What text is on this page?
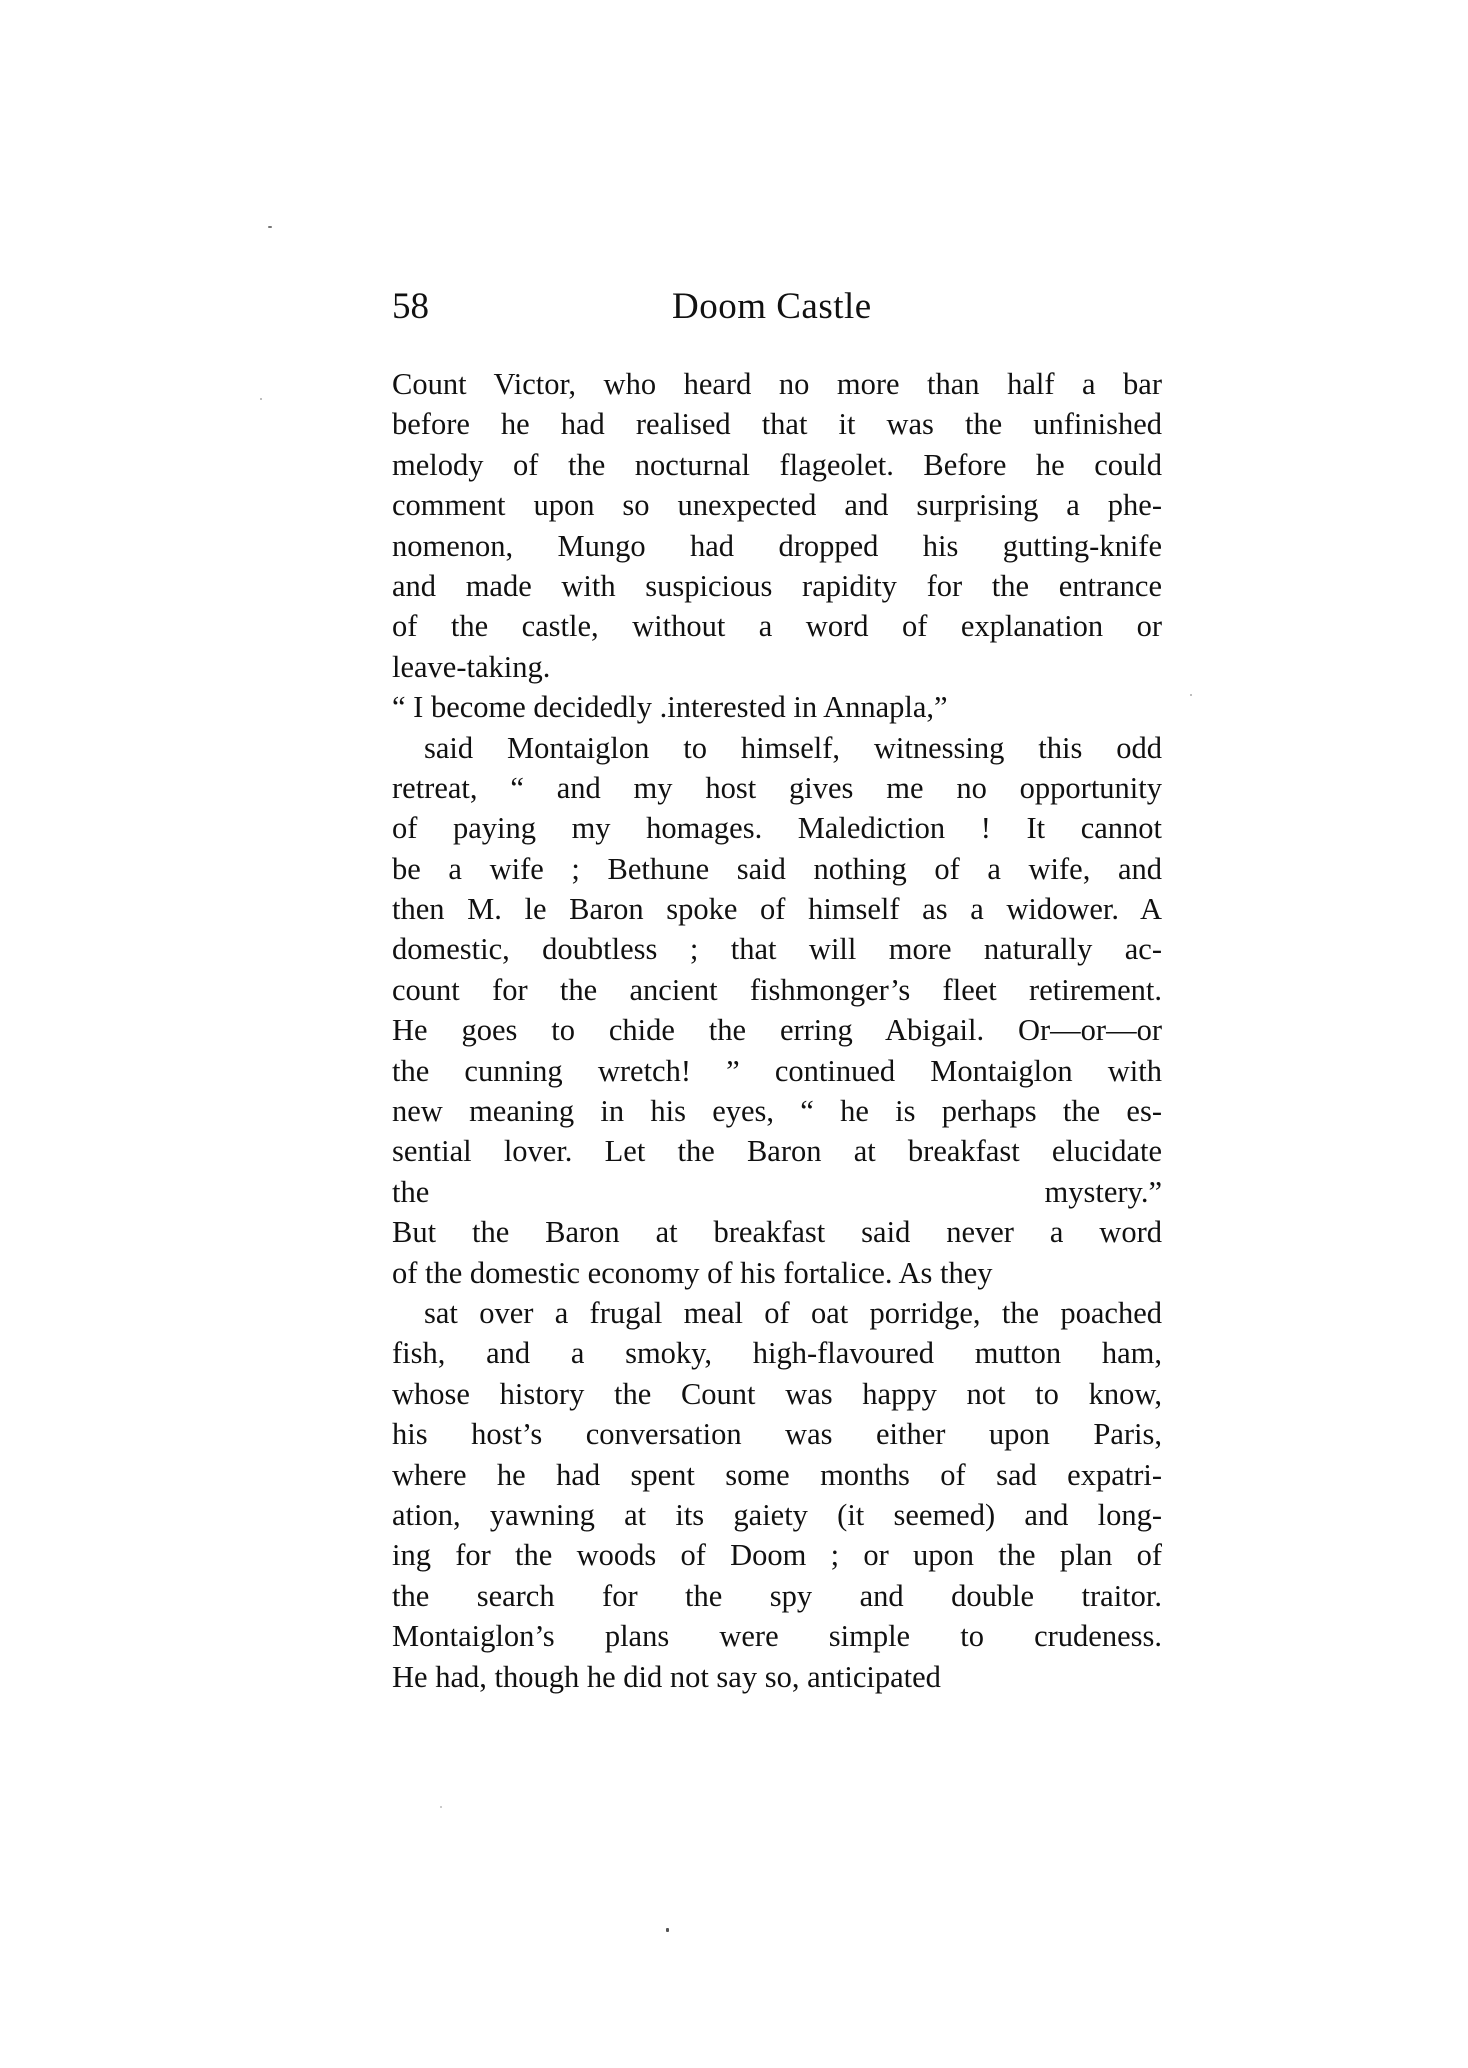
58	Doom Castle
Count Victor, who heard no more than half a bar
before he had realised that it was the unfinished
melody of the nocturnal flageolet. Before he could
comment upon so unexpected and surprising a phe-
nomenon, Mungo had dropped his gutting-knife
and made with suspicious rapidity for the entrance
of the castle, without a word of explanation or
leave-taking.
“ I become decidedly .interested in Annapla,”
said Montaiglon to himself, witnessing this odd
retreat, “ and my host gives me no opportunity
of paying my homages. Malediction ! It cannot
be a wife ; Bethune said nothing of a wife, and
then M. le Baron spoke of himself as a widower. A
domestic, doubtless ; that will more naturally ac-
count for the ancient fishmonger’s fleet retirement.
He goes to chide the erring Abigail. Or—or—or
the cunning wretch! ” continued Montaiglon with
new meaning in his eyes, “ he is perhaps the es-
sential lover. Let the Baron at breakfast elucidate
the mystery.”
But the Baron at breakfast said never a word
of the domestic economy of his fortalice. As they
sat over a frugal meal of oat porridge, the poached
fish, and a smoky, high-flavoured mutton ham,
whose history the Count was happy not to know,
his host’s conversation was either upon Paris,
where he had spent some months of sad expatri-
ation, yawning at its gaiety (it seemed) and long-
ing for the woods of Doom ; or upon the plan of
the search for the spy and double traitor.
Montaiglon’s plans were simple to crudeness.
He had, though he did not say so, anticipated
